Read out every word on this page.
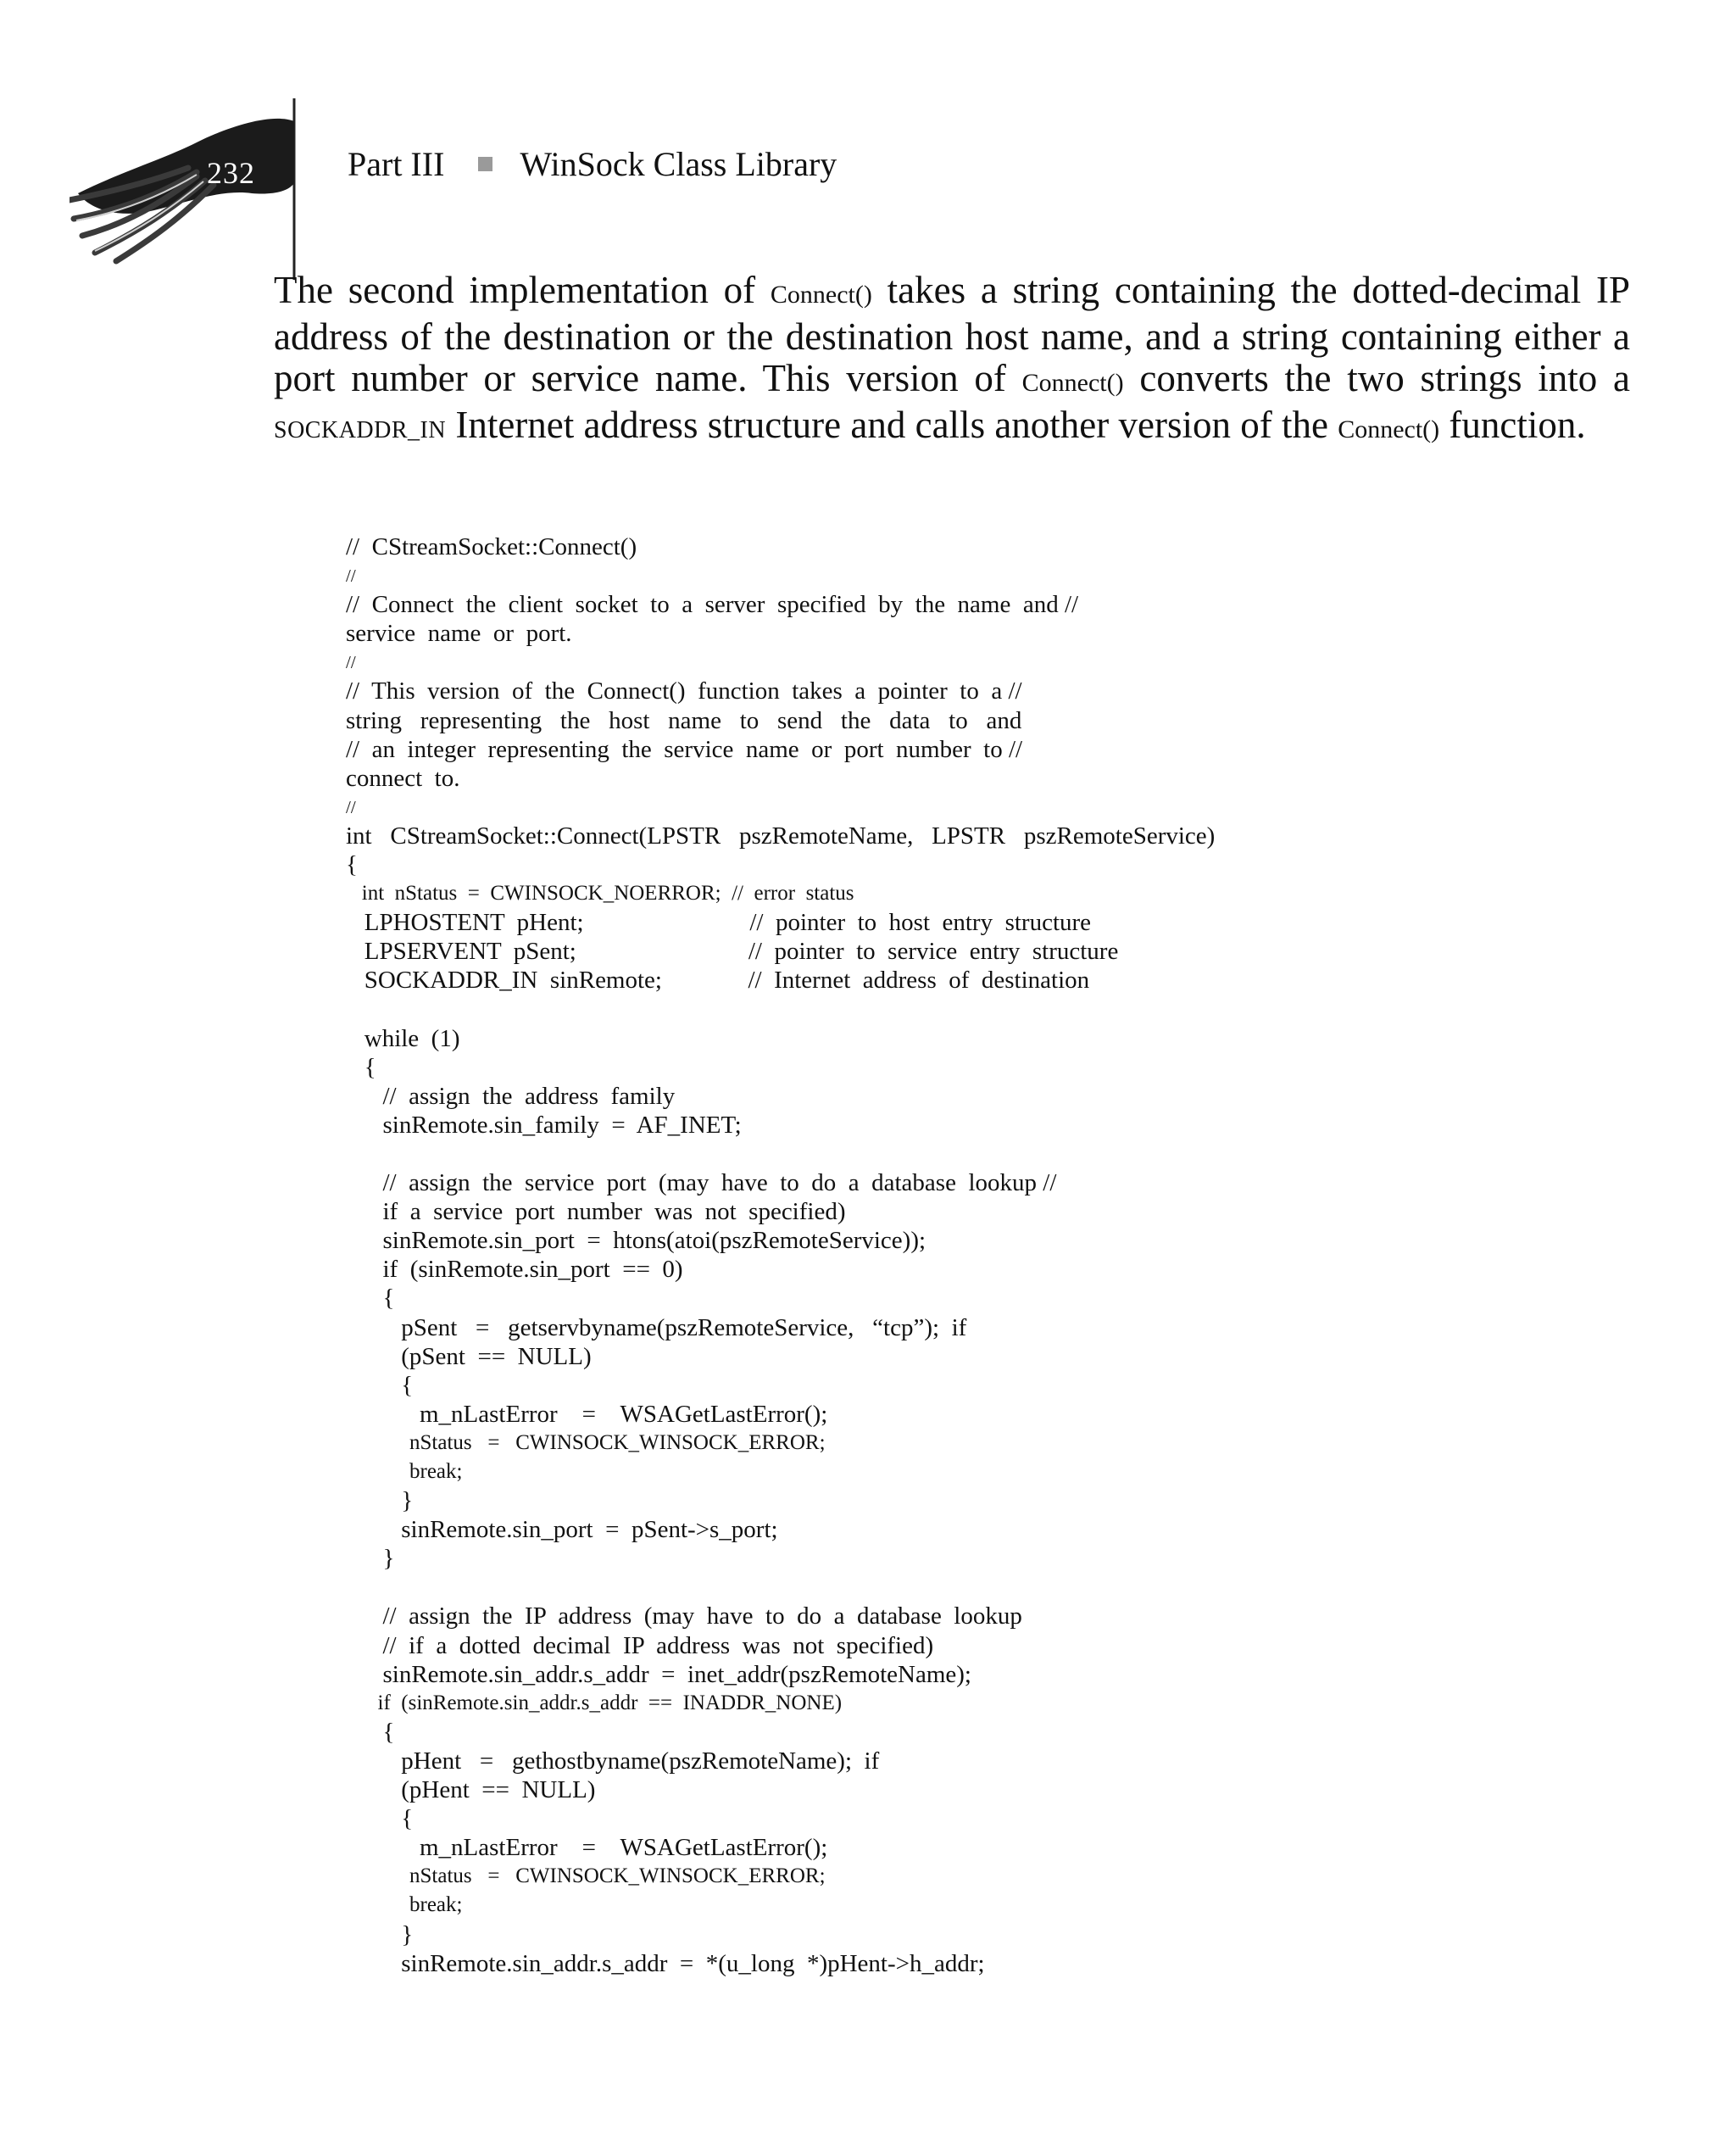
232	Part III WinSock Class Library

The second implementation of Connect() takes a string containing the dotted-decimal IP address of the destination or the destination host name, and a string containing either a port number or service name. This version of Connect() converts the two strings into a SOCKADDR_IN Internet address structure and calls another version of the Connect() function.

//  CStreamSocket::Connect()
//
//  Connect  the  client  socket  to  a  server  specified  by  the  name  and //
service  name  or  port.
//
//  This  version  of  the  Connect()  function  takes  a  pointer  to  a //
string   representing   the   host   name   to   send   the   data   to   and
//  an  integer  representing  the  service  name  or  port  number  to //
connect  to.
//
int   CStreamSocket::Connect(LPSTR   pszRemoteName,   LPSTR   pszRemoteService)
{
int  nStatus  =  CWINSOCK_NOERROR;  //  error  status
LPHOSTENT  pHent;                           //  pointer  to  host  entry  structure
LPSERVENT  pSent;                            //  pointer  to  service  entry  structure
SOCKADDR_IN  sinRemote;              //  Internet  address  of  destination
while  (1)
{
//  assign  the  address  family
sinRemote.sin_family  =  AF_INET;
//  assign  the  service  port  (may  have  to  do  a  database  lookup //
if  a  service  port  number  was  not  specified)
sinRemote.sin_port  =  htons(atoi(pszRemoteService));
if  (sinRemote.sin_port  ==  0)
{
pSent   =   getservbyname(pszRemoteService,   “tcp”);  if
(pSent  ==  NULL)
{
m_nLastError    =    WSAGetLastError();
nStatus   =   CWINSOCK_WINSOCK_ERROR;
break;
}
sinRemote.sin_port  =  pSent->s_port;
}
//  assign  the  IP  address  (may  have  to  do  a  database  lookup
//  if  a  dotted  decimal  IP  address  was  not  specified)
sinRemote.sin_addr.s_addr  =  inet_addr(pszRemoteName);
if  (sinRemote.sin_addr.s_addr  ==  INADDR_NONE)
{
pHent   =   gethostbyname(pszRemoteName);  if
(pHent  ==  NULL)
{
m_nLastError    =    WSAGetLastError();
nStatus   =   CWINSOCK_WINSOCK_ERROR;
break;
}
sinRemote.sin_addr.s_addr  =  *(u_long  *)pHent->h_addr;
